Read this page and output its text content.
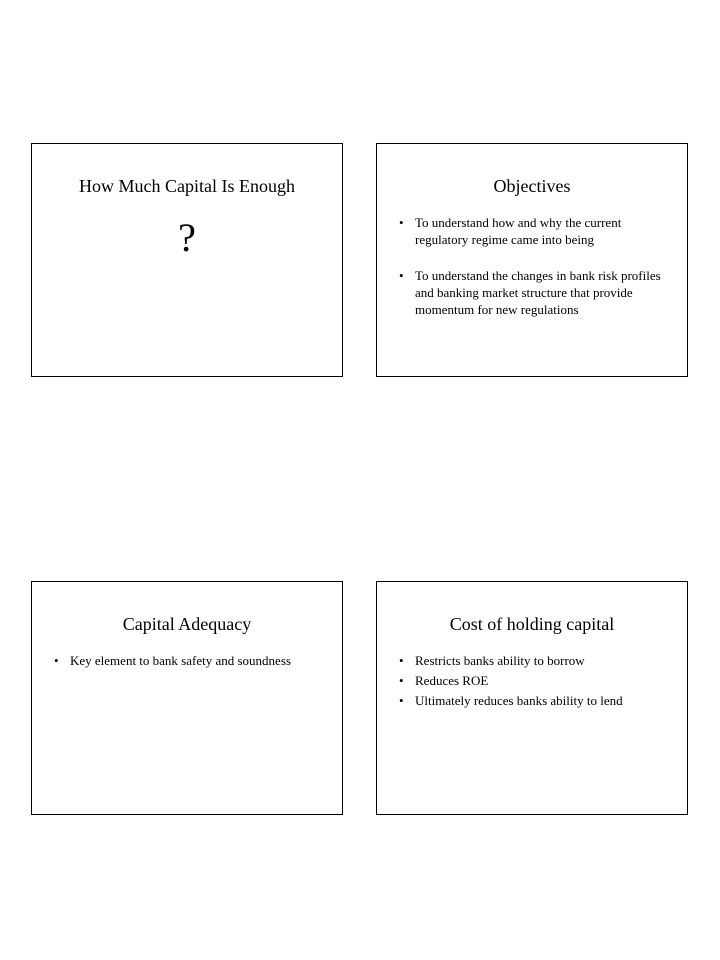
How Much Capital Is Enough
?
Objectives
• To understand how and why the current regulatory regime came into being
• To understand the changes in bank risk profiles and banking market structure that provide momentum for new regulations
Capital Adequacy
• Key element to bank safety and soundness
Cost of holding capital
• Restricts banks ability to borrow
• Reduces ROE
• Ultimately reduces banks ability to lend
